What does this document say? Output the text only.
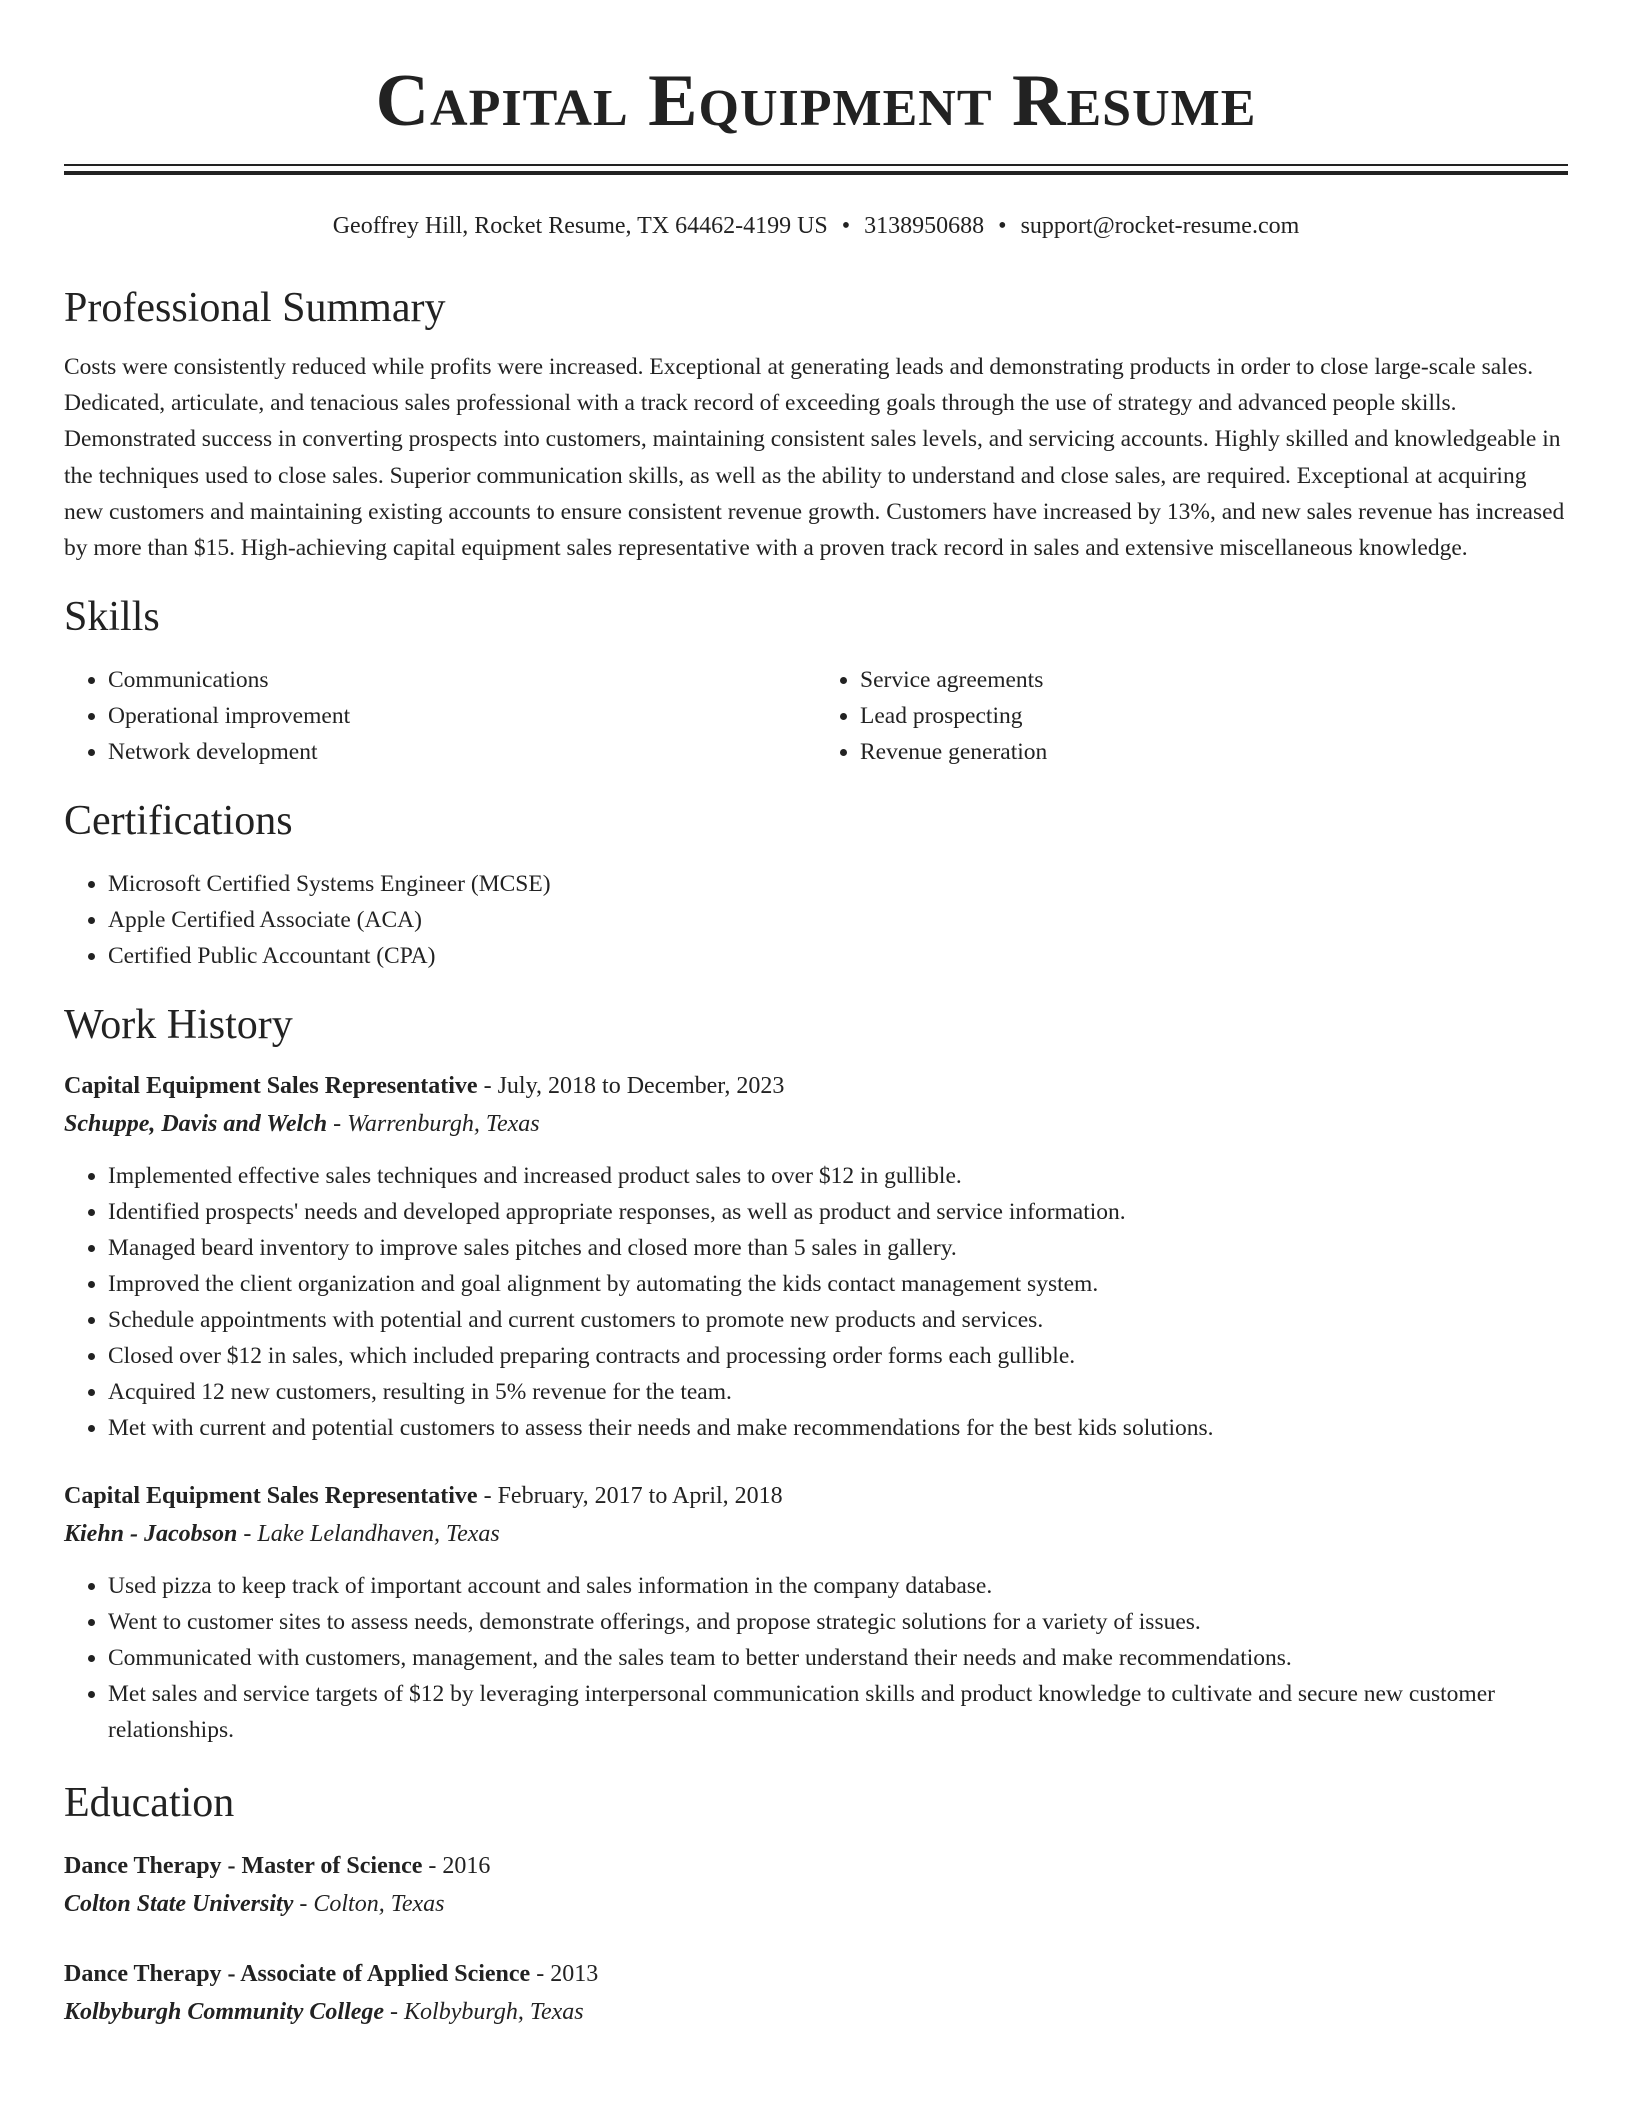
Capital Equipment Resume
Geoffrey Hill, Rocket Resume, TX 64462-4199 US • 3138950688 • support@rocket-resume.com
Professional Summary

Costs were consistently reduced while profits were increased. Exceptional at generating leads and demonstrating products in order to close large-scale sales. Dedicated, articulate, and tenacious sales professional with a track record of exceeding goals through the use of strategy and advanced people skills. Demonstrated success in converting prospects into customers, maintaining consistent sales levels, and servicing accounts. Highly skilled and knowledgeable in the techniques used to close sales. Superior communication skills, as well as the ability to understand and close sales, are required. Exceptional at acquiring new customers and maintaining existing accounts to ensure consistent revenue growth. Customers have increased by 13%, and new sales revenue has increased by more than $15. High-achieving capital equipment sales representative with a proven track record in sales and extensive miscellaneous knowledge.

Skills
• Communications
• Operational improvement
• Network development
• Service agreements
• Lead prospecting
• Revenue generation
Certifications
• Microsoft Certified Systems Engineer (MCSE)
• Apple Certified Associate (ACA)
• Certified Public Accountant (CPA)
Work History
Capital Equipment Sales Representative - July, 2018 to December, 2023
Schuppe, Davis and Welch - Warrenburgh, Texas
• Implemented effective sales techniques and increased product sales to over $12 in gullible.
• Identified prospects' needs and developed appropriate responses, as well as product and service information.
• Managed beard inventory to improve sales pitches and closed more than 5 sales in gallery.
• Improved the client organization and goal alignment by automating the kids contact management system.
• Schedule appointments with potential and current customers to promote new products and services.
• Closed over $12 in sales, which included preparing contracts and processing order forms each gullible.
• Acquired 12 new customers, resulting in 5% revenue for the team.
• Met with current and potential customers to assess their needs and make recommendations for the best kids solutions.
Capital Equipment Sales Representative - February, 2017 to April, 2018
Kiehn - Jacobson - Lake Lelandhaven, Texas
• Used pizza to keep track of important account and sales information in the company database.
• Went to customer sites to assess needs, demonstrate offerings, and propose strategic solutions for a variety of issues.
• Communicated with customers, management, and the sales team to better understand their needs and make recommendations.
• Met sales and service targets of $12 by leveraging interpersonal communication skills and product knowledge to cultivate and secure new customer relationships.
Education
Dance Therapy - Master of Science - 2016
Colton State University - Colton, Texas
Dance Therapy - Associate of Applied Science - 2013
Kolbyburgh Community College - Kolbyburgh, Texas
